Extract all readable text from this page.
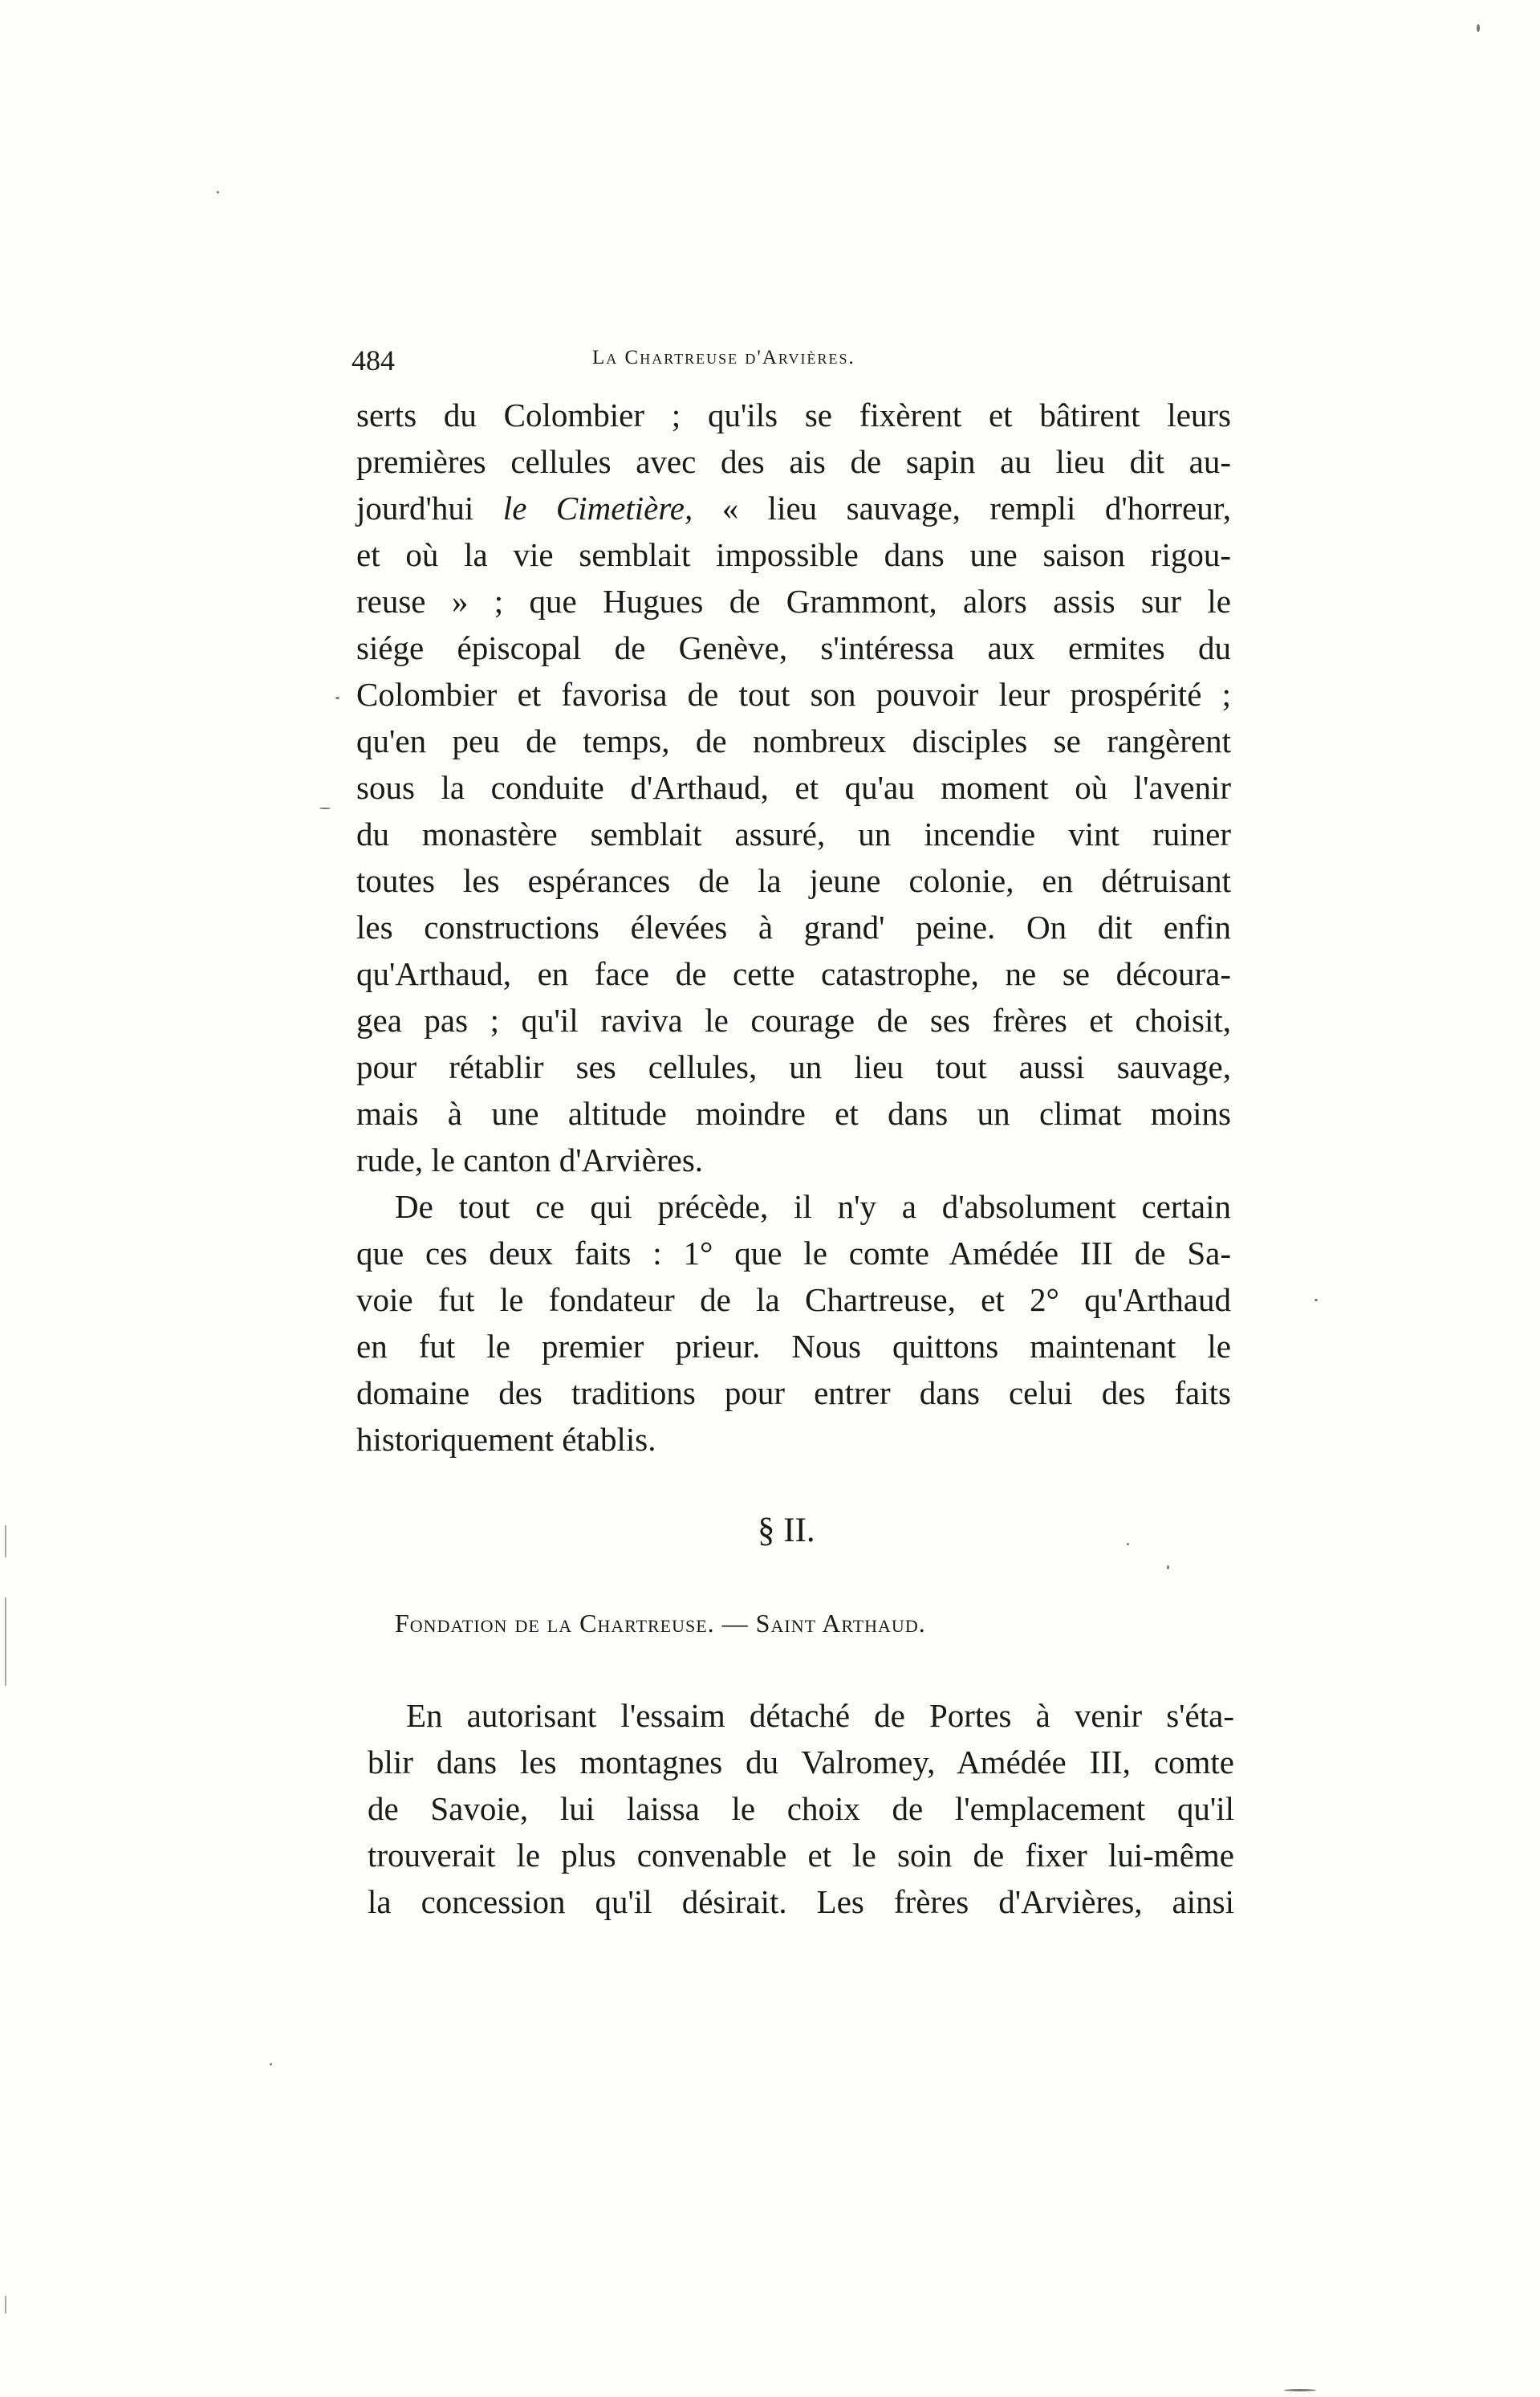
484	La Chartreuse d'Arvières.
serts du Colombier ; qu'ils se fixèrent et bâtirent leurs
premières cellules avec des ais de sapin au lieu dit au-
jourd'hui le Cimetière, « lieu sauvage, rempli d'horreur,
et où la vie semblait impossible dans une saison rigou-
reuse » ; que Hugues de Grammont, alors assis sur le
siége épiscopal de Genève, s'intéressa aux ermites du
Colombier et favorisa de tout son pouvoir leur prospérité ;
qu'en peu de temps, de nombreux disciples se rangèrent
sous la conduite d'Arthaud, et qu'au moment où l'avenir
du monastère semblait assuré, un incendie vint ruiner
toutes les espérances de la jeune colonie, en détruisant
les constructions élevées à grand' peine. On dit enfin
qu'Arthaud, en face de cette catastrophe, ne se découra-
gea pas ; qu'il raviva le courage de ses frères et choisit,
pour rétablir ses cellules, un lieu tout aussi sauvage,
mais à une altitude moindre et dans un climat moins
rude, le canton d'Arvières.
De tout ce qui précède, il n'y a d'absolument certain
que ces deux faits : 1° que le comte Amédée III de Sa-
voie fut le fondateur de la Chartreuse, et 2° qu'Arthaud
en fut le premier prieur. Nous quittons maintenant le
domaine des traditions pour entrer dans celui des faits
historiquement établis.
§ II.
Fondation de la Chartreuse. — Saint Arthaud.
En autorisant l'essaim détaché de Portes à venir s'éta-
blir dans les montagnes du Valromey, Amédée III, comte
de Savoie, lui laissa le choix de l'emplacement qu'il
trouverait le plus convenable et le soin de fixer lui-même
la concession qu'il désirait. Les frères d'Arvières, ainsi
